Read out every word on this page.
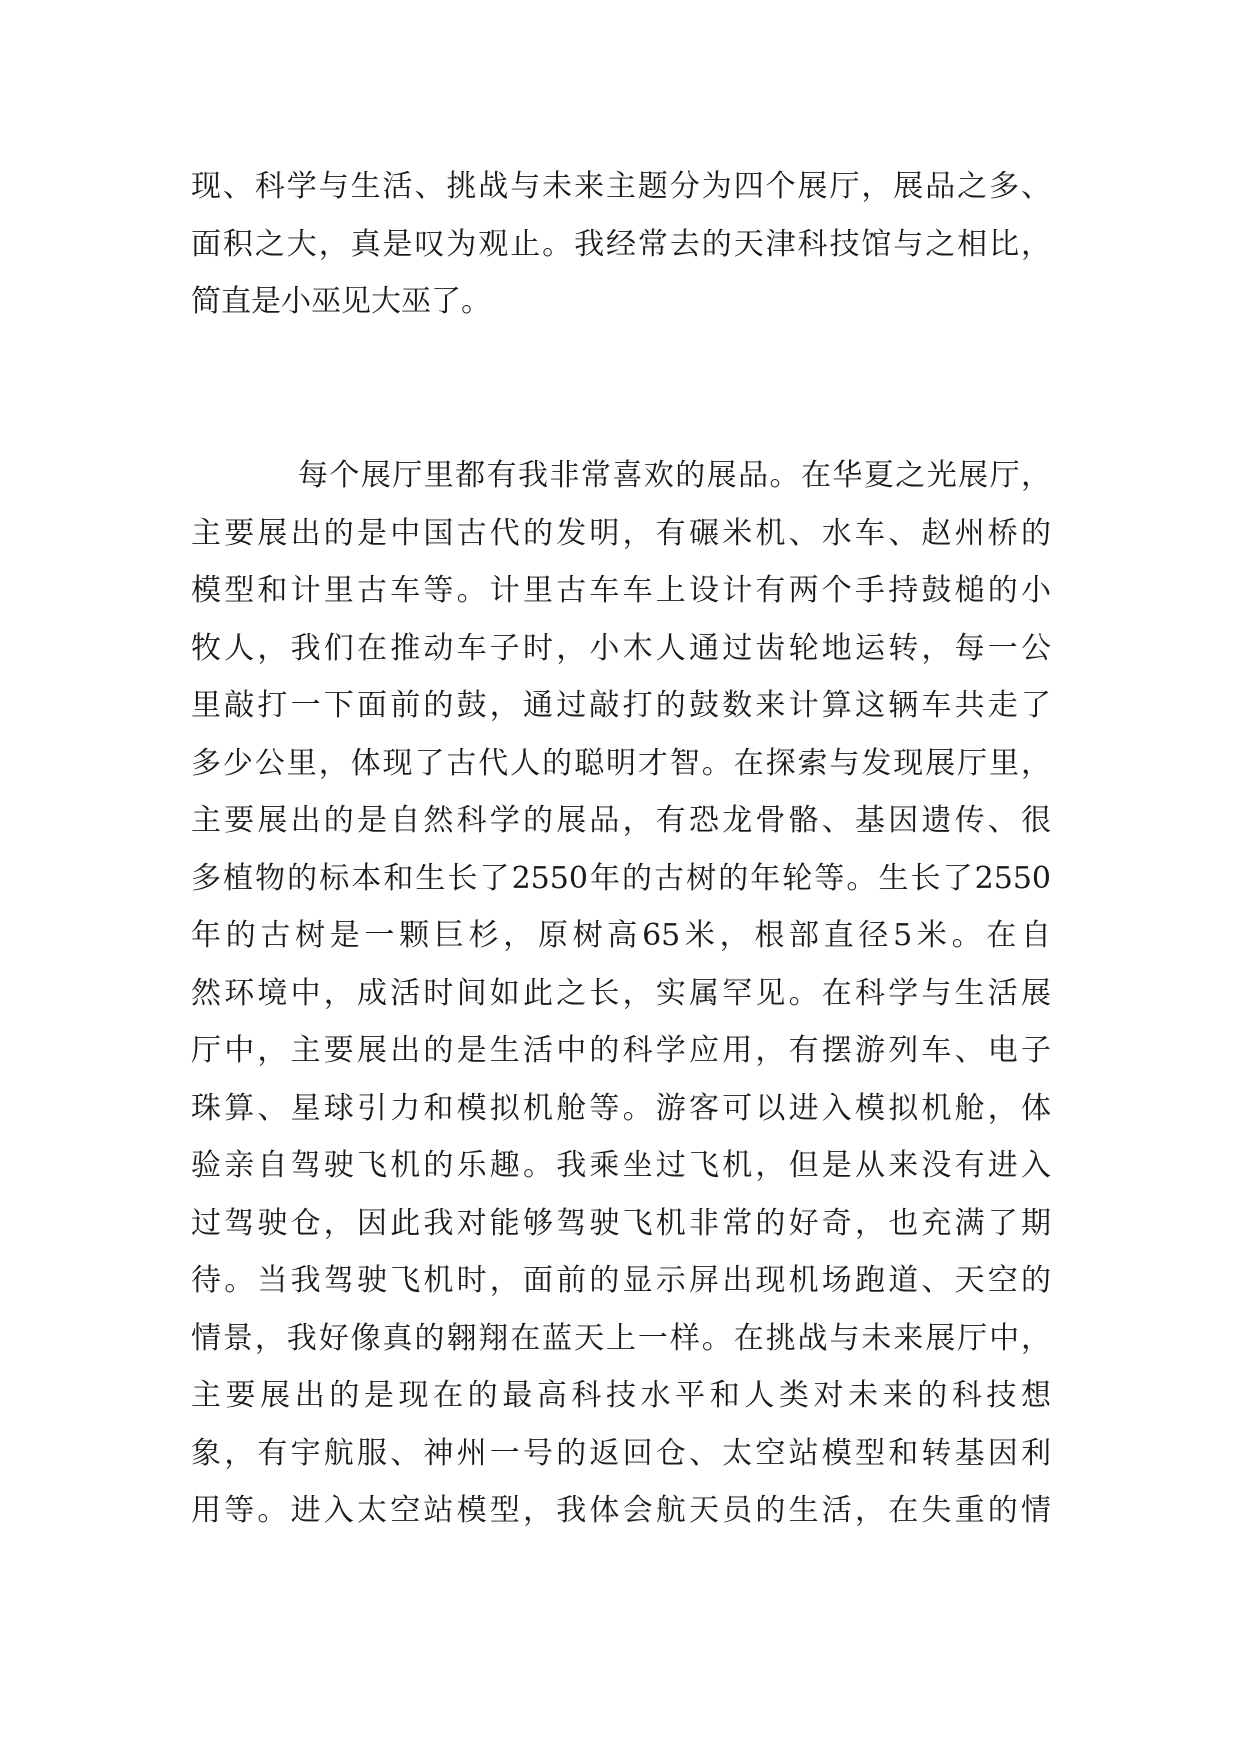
现、科学与生活、挑战与未来主题分为四个展厅，展品之多、
面积之大，真是叹为观止。我经常去的天津科技馆与之相比，
简直是小巫见大巫了。
每个展厅里都有我非常喜欢的展品。在华夏之光展厅，
主要展出的是中国古代的发明，有碾米机、水车、赵州桥的
模型和计里古车等。计里古车车上设计有两个手持鼓槌的小
牧人，我们在推动车子时，小木人通过齿轮地运转，每一公
里敲打一下面前的鼓，通过敲打的鼓数来计算这辆车共走了
多少公里，体现了古代人的聪明才智。在探索与发现展厅里，
主要展出的是自然科学的展品，有恐龙骨骼、基因遗传、很
多植物的标本和生长了2550年的古树的年轮等。生长了2550
年的古树是一颗巨杉，原树高65米，根部直径5米。在自
然环境中，成活时间如此之长，实属罕见。在科学与生活展
厅中，主要展出的是生活中的科学应用，有摆游列车、电子
珠算、星球引力和模拟机舱等。游客可以进入模拟机舱，体
验亲自驾驶飞机的乐趣。我乘坐过飞机，但是从来没有进入
过驾驶仓，因此我对能够驾驶飞机非常的好奇，也充满了期
待。当我驾驶飞机时，面前的显示屏出现机场跑道、天空的
情景，我好像真的翱翔在蓝天上一样。在挑战与未来展厅中，
主要展出的是现在的最高科技水平和人类对未来的科技想
象，有宇航服、神州一号的返回仓、太空站模型和转基因利
用等。进入太空站模型，我体会航天员的生活，在失重的情
